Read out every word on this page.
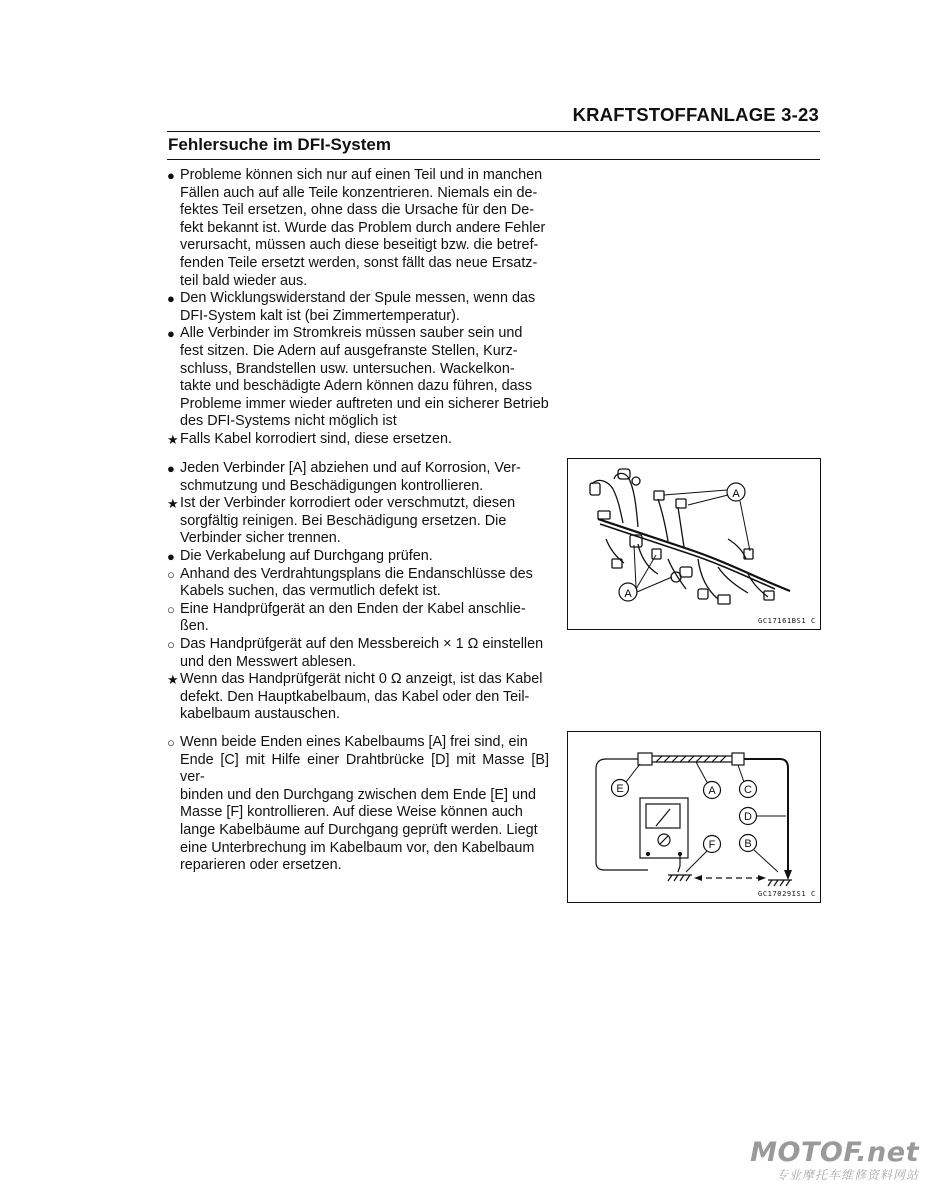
KRAFTSTOFFANLAGE 3-23
Fehlersuche im DFI-System
● Probleme können sich nur auf einen Teil und in manchen
Fällen auch auf alle Teile konzentrieren. Niemals ein de-
fektes Teil ersetzen, ohne dass die Ursache für den De-
fekt bekannt ist. Wurde das Problem durch andere Fehler
verursacht, müssen auch diese beseitigt bzw. die betref-
fenden Teile ersetzt werden, sonst fällt das neue Ersatz-
teil bald wieder aus.
● Den Wicklungswiderstand der Spule messen, wenn das
DFI-System kalt ist (bei Zimmertemperatur).
● Alle Verbinder im Stromkreis müssen sauber sein und
fest sitzen. Die Adern auf ausgefranste Stellen, Kurz-
schluss, Brandstellen usw. untersuchen. Wackelkon-
takte und beschädigte Adern können dazu führen, dass
Probleme immer wieder auftreten und ein sicherer Betrieb
des DFI-Systems nicht möglich ist
★ Falls Kabel korrodiert sind, diese ersetzen.
● Jeden Verbinder [A] abziehen und auf Korrosion, Ver-
schmutzung und Beschädigungen kontrollieren.
★ Ist der Verbinder korrodiert oder verschmutzt, diesen
sorgfältig reinigen. Bei Beschädigung ersetzen. Die
Verbinder sicher trennen.
● Die Verkabelung auf Durchgang prüfen.
○ Anhand des Verdrahtungsplans die Endanschlüsse des
Kabels suchen, das vermutlich defekt ist.
○ Eine Handprüfgerät an den Enden der Kabel anschlie-
ßen.
○ Das Handprüfgerät auf den Messbereich × 1 Ω einstellen
und den Messwert ablesen.
★ Wenn das Handprüfgerät nicht 0 Ω anzeigt, ist das Kabel
defekt. Den Hauptkabelbaum, das Kabel oder den Teil-
kabelbaum austauschen.
○ Wenn beide Enden eines Kabelbaums [A] frei sind, ein
Ende [C] mit Hilfe einer Drahtbrücke [D] mit Masse [B] ver-
binden und den Durchgang zwischen dem Ende [E] und
Masse [F] kontrollieren. Auf diese Weise können auch
lange Kabelbäume auf Durchgang geprüft werden. Liegt
eine Unterbrechung im Kabelbaum vor, den Kabelbaum
reparieren oder ersetzen.
A
A
GC17161BS1 C
E	A	C
D
B
F
GC17029IS1 C
MOTOF.net
专业摩托车维修资料网站
